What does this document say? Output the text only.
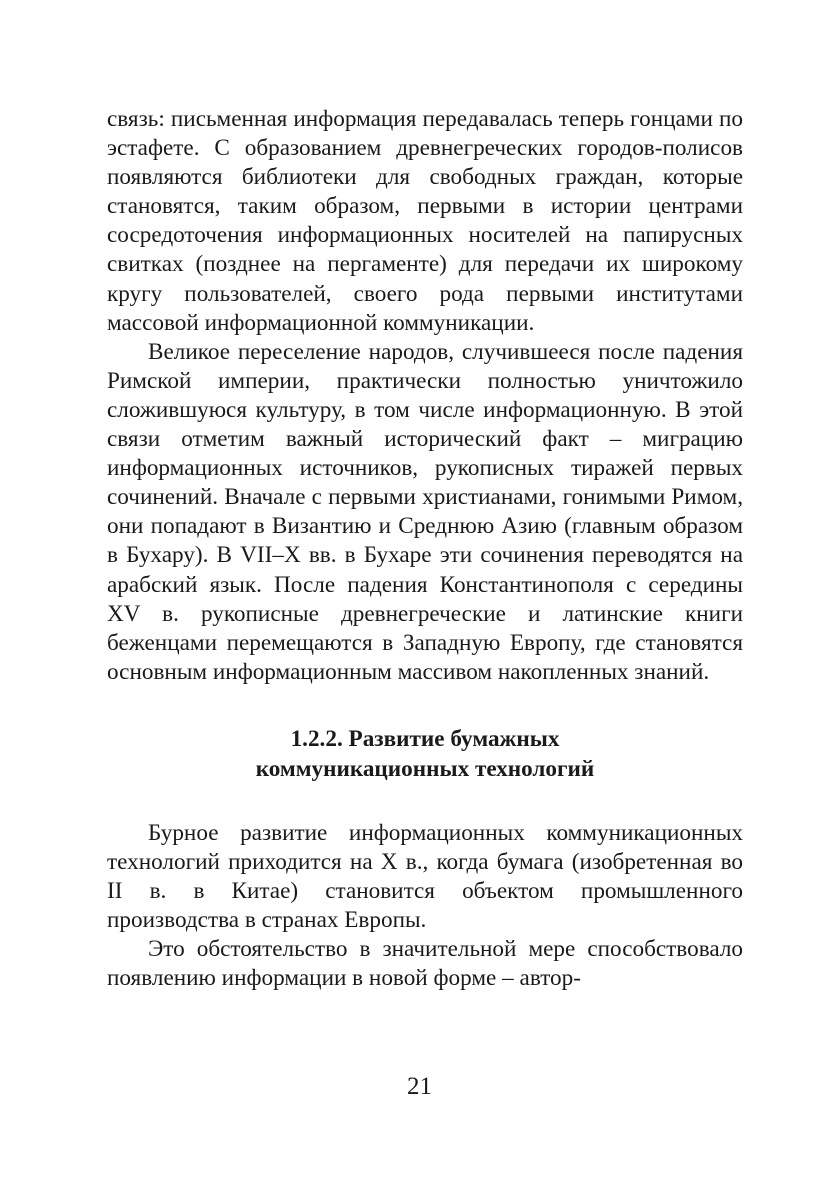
связь: письменная информация передавалась теперь гонцами по эстафете. С образованием древнегреческих городов-полисов появляются библиотеки для свободных граждан, которые становятся, таким образом, первыми в истории центрами сосредоточения информационных носителей на папирусных свитках (позднее на пергаменте) для передачи их широкому кругу пользователей, своего рода первыми институтами массовой информационной коммуникации.

Великое переселение народов, случившееся после падения Римской империи, практически полностью уничтожило сложившуюся культуру, в том числе информационную. В этой связи отметим важный исторический факт – миграцию информационных источников, рукописных тиражей первых сочинений. Вначале с первыми христианами, гонимыми Римом, они попадают в Византию и Среднюю Азию (главным образом в Бухару). В VII–X вв. в Бухаре эти сочинения переводятся на арабский язык. После падения Константинополя с середины XV в. рукописные древнегреческие и латинские книги беженцами перемещаются в Западную Европу, где становятся основным информационным массивом накопленных знаний.

1.2.2. Развитие бумажных
коммуникационных технологий

Бурное развитие информационных коммуникационных технологий приходится на X в., когда бумага (изобретенная во II в. в Китае) становится объектом промышленного производства в странах Европы.

Это обстоятельство в значительной мере способствовало появлению информации в новой форме – автор-

21
